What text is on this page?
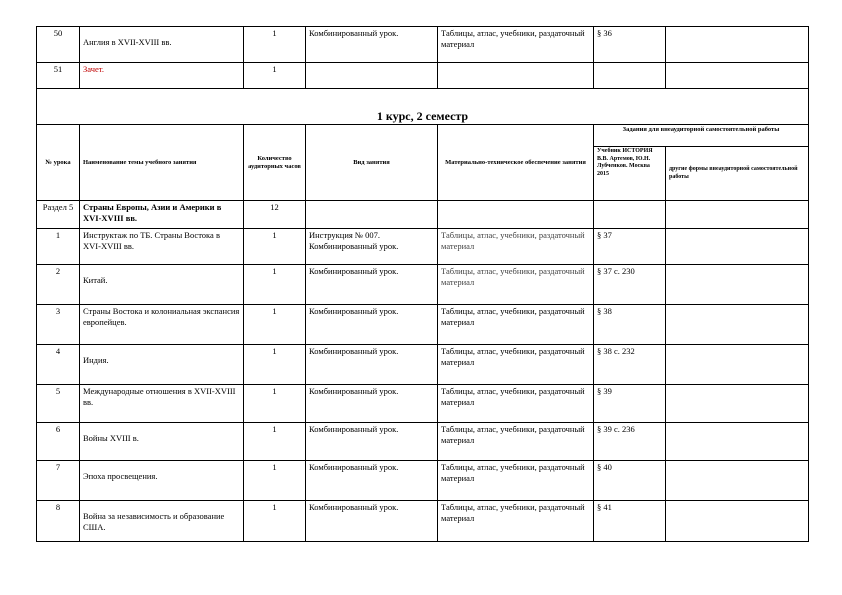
50	Англия в XVII-XVIII вв.	1	Комбинированный урок.	Таблицы, атлас, учебники, раздаточный материал	§ 36	
51	Зачет.	1				
1 курс, 2 семестр						
№ урока	Наименование темы учебного занятия	Количество аудиторных часов	Вид занятия	Материально-техническое обеспечение занятия	Задания для внеаудиторной самостоятельной работы	
					Учебник ИСТОРИЯ В.В. Артемов, Ю.Н. Лубченков. Москва 2015	другие формы внеаудиторной самостоятельной работы
Раздел 5	Страны Европы, Азии и Америки в XVI-XVIII вв.	12				
1	Инструктаж по ТБ. Страны Востока в XVI-XVIII вв.	1	Инструкция № 007. Комбинированный урок.	Таблицы, атлас, учебники, раздаточный материал	§ 37	
2	Китай.	1	Комбинированный урок.	Таблицы, атлас, учебники, раздаточный материал	§ 37 с. 230	
3	Страны Востока и колониальная экспансия европейцев.	1	Комбинированный урок.	Таблицы, атлас, учебники, раздаточный материал	§ 38	
4	Индия.	1	Комбинированный урок.	Таблицы, атлас, учебники, раздаточный материал	§ 38 с. 232	
5	Международные отношения в XVII-XVIII вв.	1	Комбинированный урок.	Таблицы, атлас, учебники, раздаточный материал	§ 39	
6	Войны XVIII в.	1	Комбинированный урок.	Таблицы, атлас, учебники, раздаточный материал	§ 39 с. 236	
7	Эпоха просвещения.	1	Комбинированный урок.	Таблицы, атлас, учебники, раздаточный материал	§ 40	
8	Война за независимость и образование США.	1	Комбинированный урок.	Таблицы, атлас, учебники, раздаточный материал	§ 41	
